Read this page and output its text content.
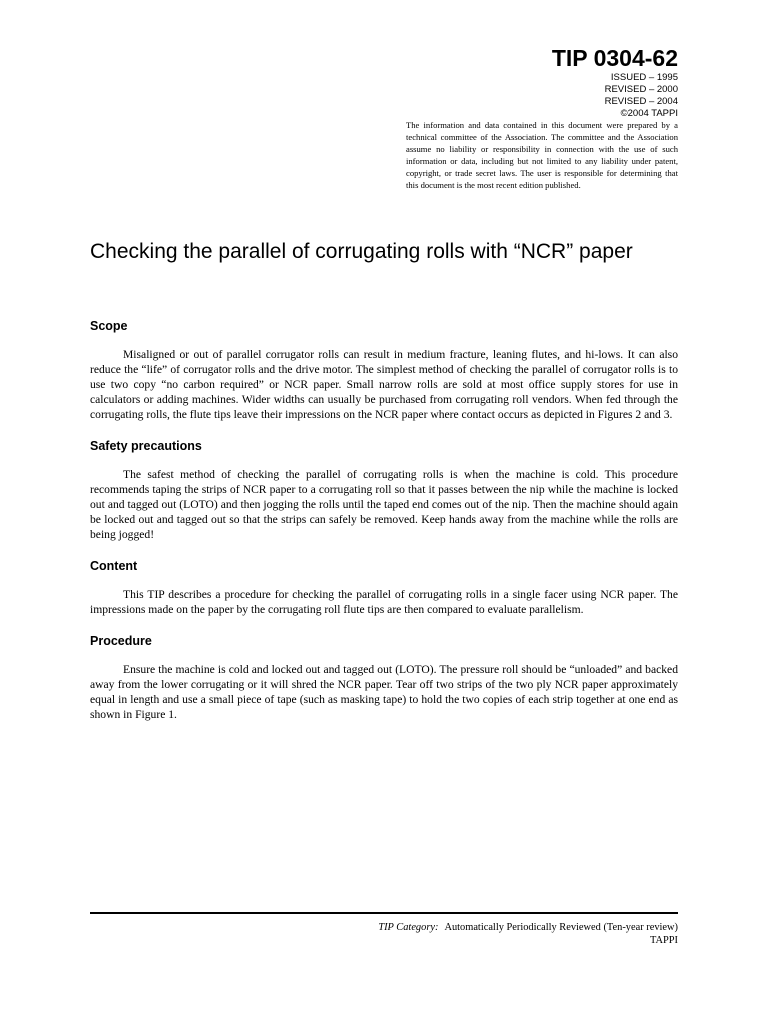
TIP 0304-62
ISSUED – 1995
REVISED – 2000
REVISED – 2004
©2004 TAPPI
The information and data contained in this document were prepared by a technical committee of the Association. The committee and the Association assume no liability or responsibility in connection with the use of such information or data, including but not limited to any liability under patent, copyright, or trade secret laws. The user is responsible for determining that this document is the most recent edition published.
Checking the parallel of corrugating rolls with “NCR” paper
Scope

Misaligned or out of parallel corrugator rolls can result in medium fracture, leaning flutes, and hi-lows. It can also reduce the “life” of corrugator rolls and the drive motor. The simplest method of checking the parallel of corrugator rolls is to use two copy “no carbon required” or NCR paper. Small narrow rolls are sold at most office supply stores for use in calculators or adding machines. Wider widths can usually be purchased from corrugating roll vendors. When fed through the corrugating rolls, the flute tips leave their impressions on the NCR paper where contact occurs as depicted in Figures 2 and 3.

Safety precautions

The safest method of checking the parallel of corrugating rolls is when the machine is cold. This procedure recommends taping the strips of NCR paper to a corrugating roll so that it passes between the nip while the machine is locked out and tagged out (LOTO) and then jogging the rolls until the taped end comes out of the nip. Then the machine should again be locked out and tagged out so that the strips can safely be removed. Keep hands away from the machine while the rolls are being jogged!

Content

This TIP describes a procedure for checking the parallel of corrugating rolls in a single facer using NCR paper. The impressions made on the paper by the corrugating roll flute tips are then compared to evaluate parallelism.

Procedure

Ensure the machine is cold and locked out and tagged out (LOTO). The pressure roll should be “unloaded” and backed away from the lower corrugating or it will shred the NCR paper. Tear off two strips of the two ply NCR paper approximately equal in length and use a small piece of tape (such as masking tape) to hold the two copies of each strip together at one end as shown in Figure 1.

TIP Category: Automatically Periodically Reviewed (Ten-year review)
TAPPI
